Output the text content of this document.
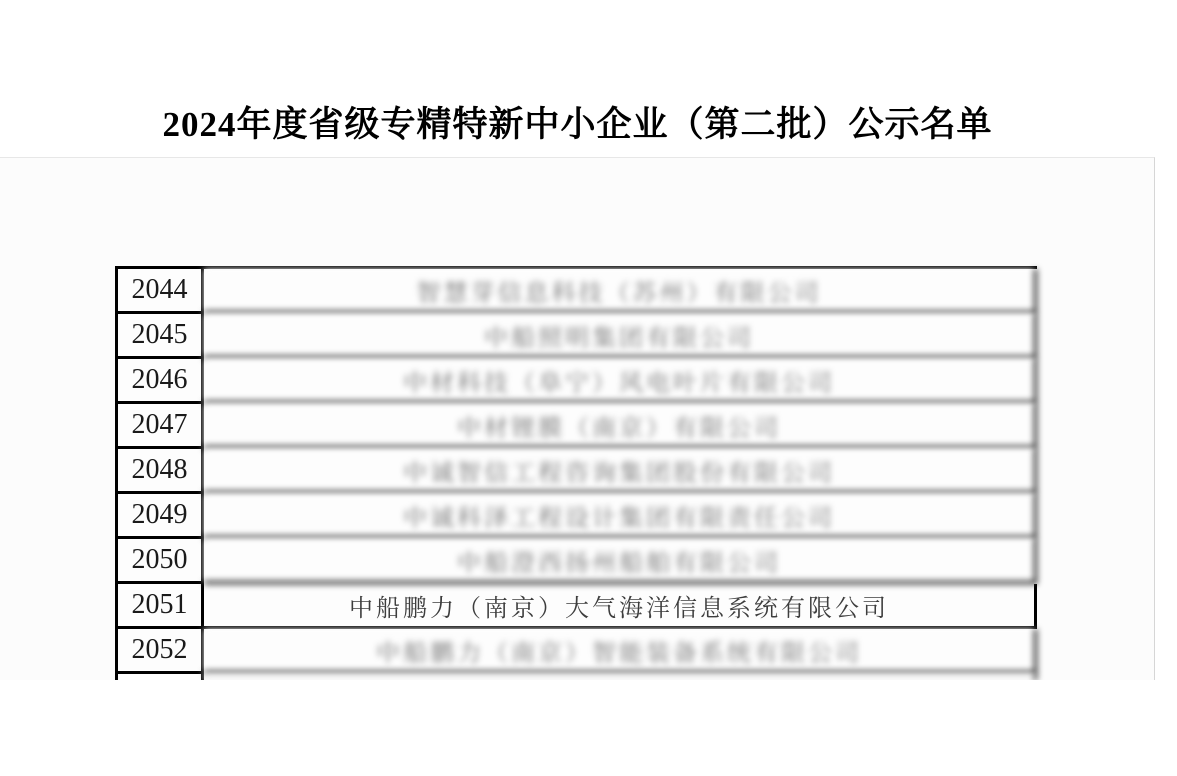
2024年度省级专精特新中小企业（第二批）公示名单
2044	智慧芽信息科技（苏州）有限公司
2045	中船照明集团有限公司
2046	中材科技（阜宁）风电叶片有限公司
2047	中材锂膜（南京）有限公司
2048	中诚智信工程咨询集团股份有限公司
2049	中诚科泽工程设计集团有限责任公司
2050	中船澄西扬州船舶有限公司
2051	中船鹏力（南京）大气海洋信息系统有限公司
2052	中船鹏力（南京）智能装备系统有限公司
